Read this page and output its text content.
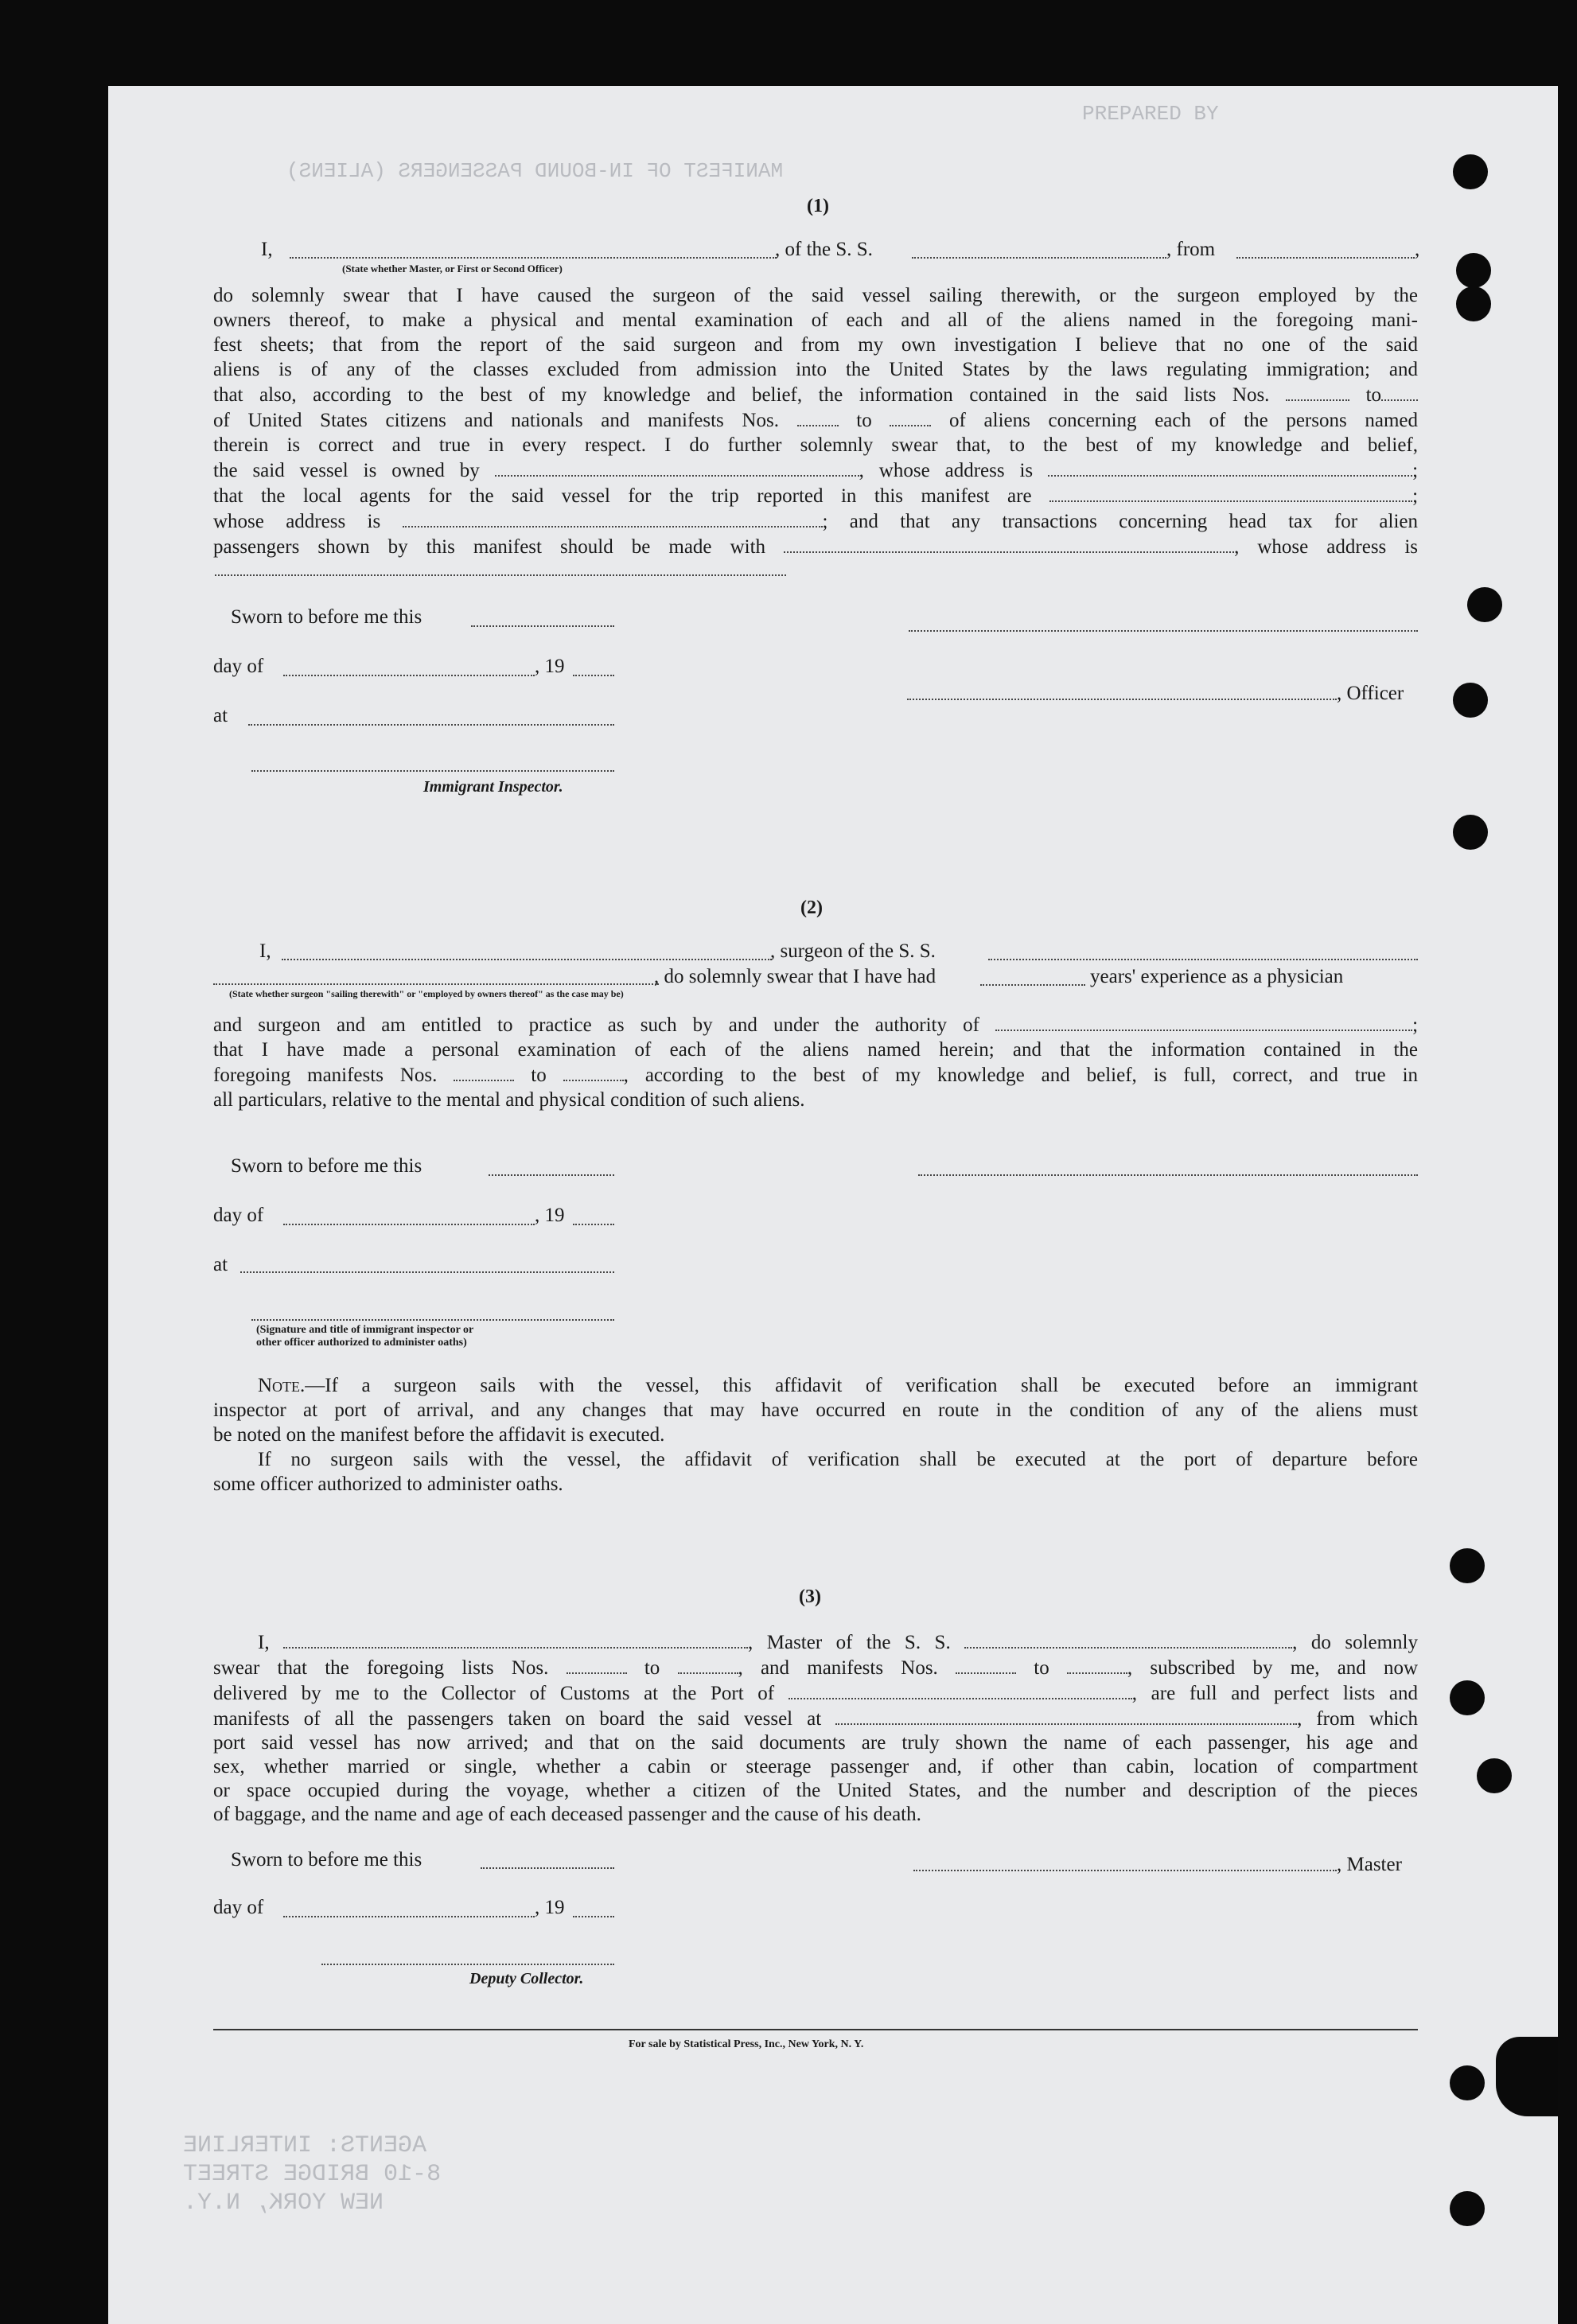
PREPARED BY
MANIFEST OF IN-BOUND PASSENGERS (ALIENS)
AGENTS: INTERLINE
8-10 BRIDGE STREET
NEW YORK, N.Y.
(1)
I,
(State whether Master, or First or Second Officer)
, of the S. S.	, from	,
do solemnly swear that I have caused the surgeon of the said vessel sailing therewith, or the surgeon employed by the
owners thereof, to make a physical and mental examination of each and all of the aliens named in the foregoing mani-
fest sheets; that from the report of the said surgeon and from my own investigation I believe that no one of the said
aliens is of any of the classes excluded from admission into the United States by the laws regulating immigration; and
that also, according to the best of my knowledge and belief, the information contained in the said lists Nos.	to
of United States citizens and nationals and manifests Nos.	to	of aliens concerning each of the persons named
therein is correct and true in every respect. I do further solemnly swear that, to the best of my knowledge and belief,
the said vessel is owned by	, whose address is	;
that the local agents for the said vessel for the trip reported in this manifest are	;
whose address is	; and that any transactions concerning head tax for alien
passengers shown by this manifest should be made with	, whose address is
Sworn to before me this
day of	, 19
at
Immigrant Inspector.
, Officer
(2)
I,	, surgeon of the S. S.
(State whether surgeon "sailing therewith" or "employed by owners thereof" as the case may be)
, do solemnly swear that I have had	years' experience as a physician
and surgeon and am entitled to practice as such by and under the authority of	;
that I have made a personal examination of each of the aliens named herein; and that the information contained in the
foregoing manifests Nos.	to	, according to the best of my knowledge and belief, is full, correct, and true in
all particulars, relative to the mental and physical condition of such aliens.
Sworn to before me this
day of	, 19
at
(Signature and title of immigrant inspector or
other officer authorized to administer oaths)
Note.—If a surgeon sails with the vessel, this affidavit of verification shall be executed before an immigrant
inspector at port of arrival, and any changes that may have occurred en route in the condition of any of the aliens must
be noted on the manifest before the affidavit is executed.
If no surgeon sails with the vessel, the affidavit of verification shall be executed at the port of departure before
some officer authorized to administer oaths.
(3)
I,	, Master of the S. S.	, do solemnly
swear that the foregoing lists Nos.	to	, and manifests Nos.	to	, subscribed by me, and now
delivered by me to the Collector of Customs at the Port of	, are full and perfect lists and
manifests of all the passengers taken on board the said vessel at	, from which
port said vessel has now arrived; and that on the said documents are truly shown the name of each passenger, his age and
sex, whether married or single, whether a cabin or steerage passenger and, if other than cabin, location of compartment
or space occupied during the voyage, whether a citizen of the United States, and the number and description of the pieces
of baggage, and the name and age of each deceased passenger and the cause of his death.
Sworn to before me this
day of	, 19
Deputy Collector.
, Master
For sale by Statistical Press, Inc., New York, N. Y.
